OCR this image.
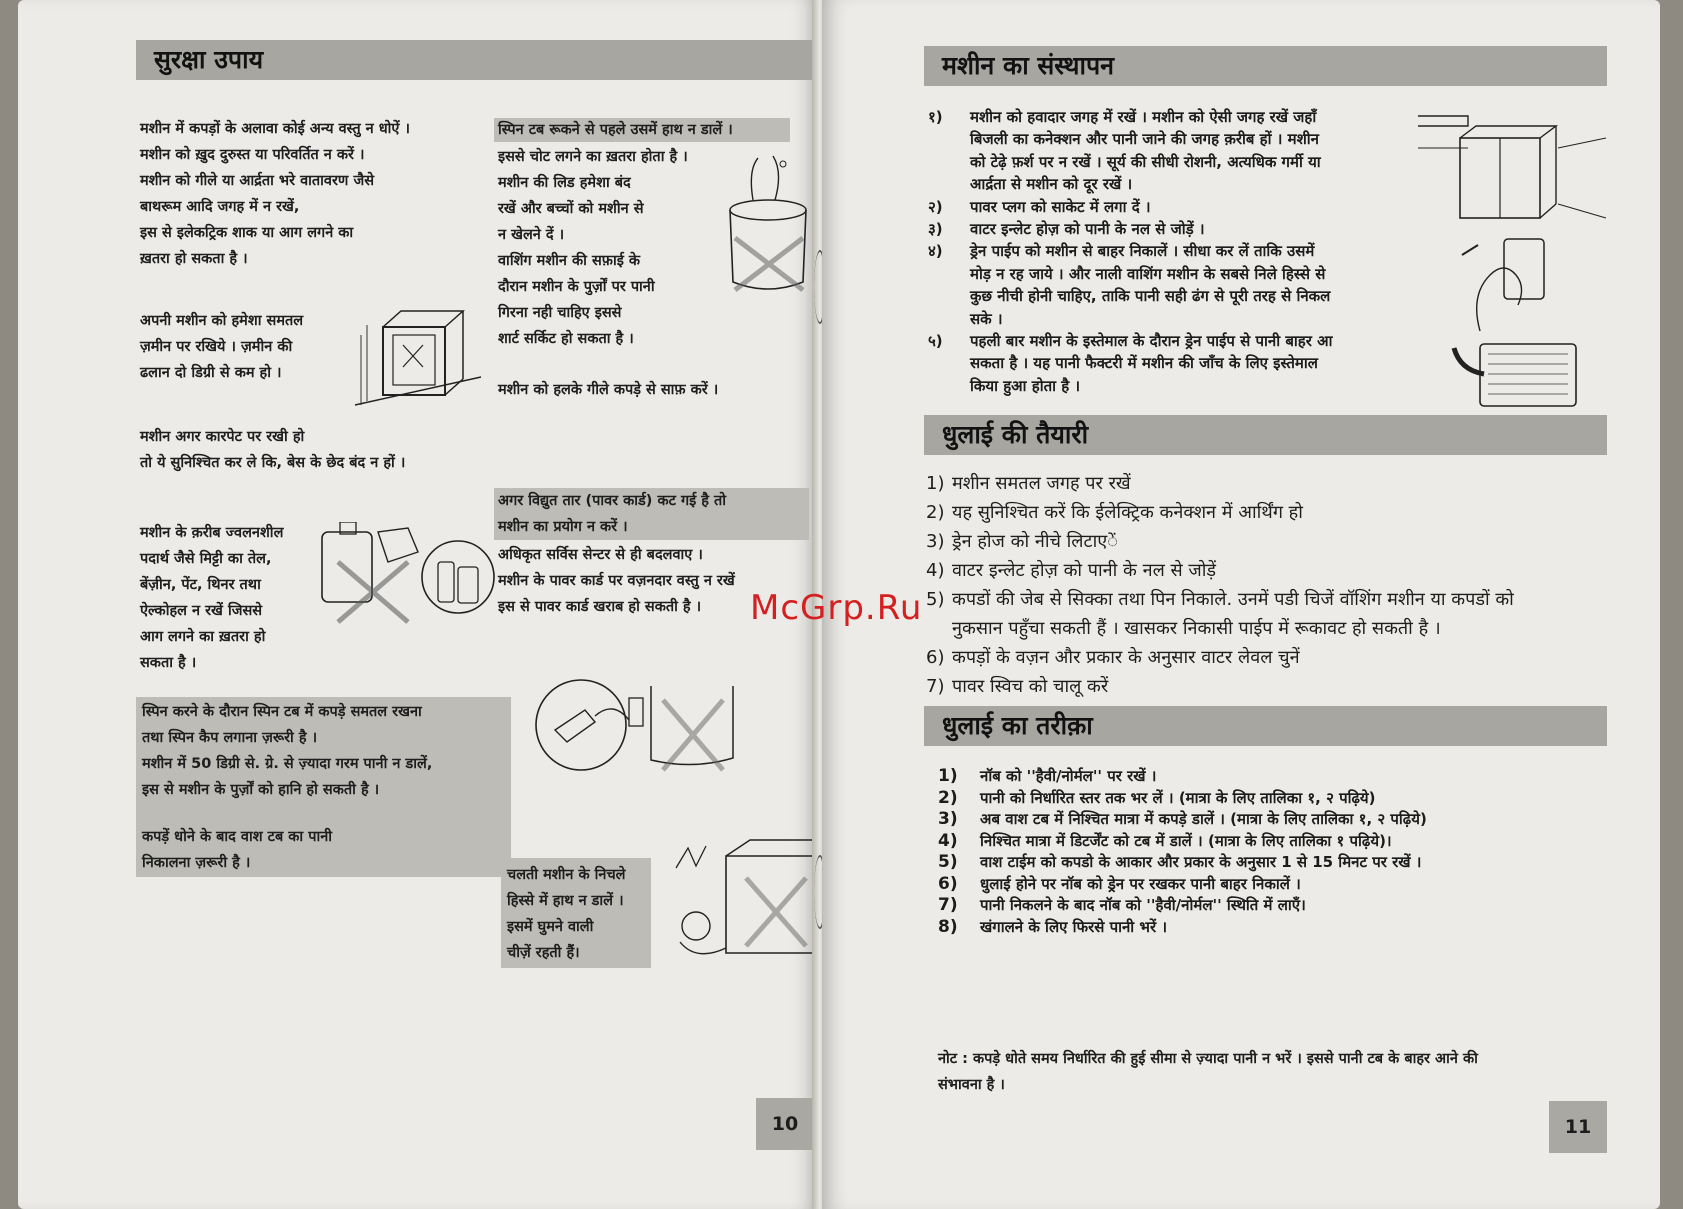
सुरक्षा उपाय
मशीन में कपड़ों के अलावा कोई अन्य वस्तु न धोऐं ।
मशीन को ख़ुद दुरुस्त या परिवर्तित न करें ।
मशीन को गीले या आर्द्रता भरे वातावरण जैसे
बाथरूम आदि जगह में न रखें,
इस से इलेकट्रिक शाक या आग लगने का
ख़तरा हो सकता है ।
अपनी मशीन को हमेशा समतल
ज़मीन पर रखिये । ज़मीन की
ढलान दो डिग्री से कम हो ।
मशीन अगर कारपेट पर रखी हो
तो ये सुनिश्चित कर ले कि, बेस के छेद बंद न हों ।
मशीन के क़रीब ज्वलनशील
पदार्थ जैसे मिट्टी का तेल,
बेंज़ीन, पेंट, थिनर तथा
ऐल्कोहल न रखें जिससे
आग लगने का ख़तरा हो
सकता है ।
स्पिन करने के दौरान स्पिन टब में कपड़े समतल रखना
तथा स्पिन कैप लगाना ज़रूरी है ।
मशीन में 50 डिग्री से. ग्रे. से ज़्यादा गरम पानी न डालें,
इस से मशीन के पुर्ज़ों को हानि हो सकती है ।
कपड़ें धोने के बाद वाश टब का पानी
निकालना ज़रूरी है ।
स्पिन टब रूकने से पहले उसमें हाथ न डालें ।
इससे चोट लगने का ख़तरा होता है ।
मशीन की लिड हमेशा बंद
रखें और बच्चों को मशीन से
न खेलने दें ।
वाशिंग मशीन की सफ़ाई के
दौरान मशीन के पुर्ज़ों पर पानी
गिरना नही चाहिए इससे
शार्ट सर्किट हो सकता है ।
मशीन को हलके गीले कपड़े से साफ़ करें ।
अगर विद्युत तार (पावर कार्ड) कट गई है तो
मशीन का प्रयोग न करें ।
अधिकृत सर्विस सेन्टर से ही बदलवाए ।
मशीन के पावर कार्ड पर वज़नदार वस्तु न रखें
इस से पावर कार्ड खराब हो सकती है ।
चलती मशीन के निचले
हिस्से में हाथ न डालें ।
इसमें घुमने वाली
चीज़ें रहती हैं।
10
मशीन का संस्थापन
१) मशीन को हवादार जगह में रखें । मशीन को ऐसी जगह रखें जहाँ
बिजली का कनेक्शन और पानी जाने की जगह क़रीब हों । मशीन
को टेढ़े फ़र्श पर न रखें । सूर्य की सीधी रोशनी, अत्यधिक गर्मी या
आर्द्रता से मशीन को दूर रखें ।
२) पावर प्लग को साकेट में लगा दें ।
३) वाटर इन्लेट होज़ को पानी के नल से जोड़ें ।
४) ड्रेन पाईप को मशीन से बाहर निकालें । सीधा कर लें ताकि उसमें
मोड़ न रह जाये । और नाली वाशिंग मशीन के सबसे निले हिस्से से
कुछ नीची होनी चाहिए, ताकि पानी सही ढंग से पूरी तरह से निकल
सके ।
५) पहली बार मशीन के इस्तेमाल के दौरान ड्रेन पाईप से पानी बाहर आ
सकता है । यह पानी फैक्टरी में मशीन की जाँच के लिए इस्तेमाल
किया हुआ होता है ।
धुलाई की तैयारी
1) मशीन समतल जगह पर रखें
2) यह सुनिश्चित करें कि ईलेक्ट्रिक कनेक्शन में आर्थिंग हो
3) ड्रेन होज को नीचे लिटाएें
4) वाटर इन्लेट होज़ को पानी के नल से जोड़ें
5) कपडों की जेब से सिक्का तथा पिन निकाले. उनमें पडी चिजें वॉशिंग मशीन या कपडों को
नुकसान पहुँचा सकती हैं । खासकर निकासी पाईप में रूकावट हो सकती है ।
6) कपड़ों के वज़न और प्रकार के अनुसार वाटर लेवल चुनें
7) पावर स्विच को चालू करें
धुलाई का तरीक़ा
1) नॉब को ''हैवी/नोर्मल'' पर रखें ।
2) पानी को निर्धारित स्तर तक भर लें । (मात्रा के लिए तालिका १, २ पढ़िये)
3) अब वाश टब में निश्चित मात्रा में कपड़े डालें । (मात्रा के लिए तालिका १, २ पढ़िये)
4) निश्चित मात्रा में डिटर्जेंट को टब में डालें । (मात्रा के लिए तालिका १ पढ़िये)।
5) वाश टाईम को कपडो के आकार और प्रकार के अनुसार 1 से 15 मिनट पर रखें ।
6) धुलाई होने पर नॉब को ड्रेन पर रखकर पानी बाहर निकालें ।
7) पानी निकलने के बाद नॉब को ''हैवी/नोर्मल'' स्थिति में लाएँ।
8) खंगालने के लिए फिरसे पानी भरें ।
नोट : कपड़े धोते समय निर्धारित की हुई सीमा से ज़्यादा पानी न भरें । इससे पानी टब के बाहर आने की
संभावना है ।
11
McGrp.Ru
